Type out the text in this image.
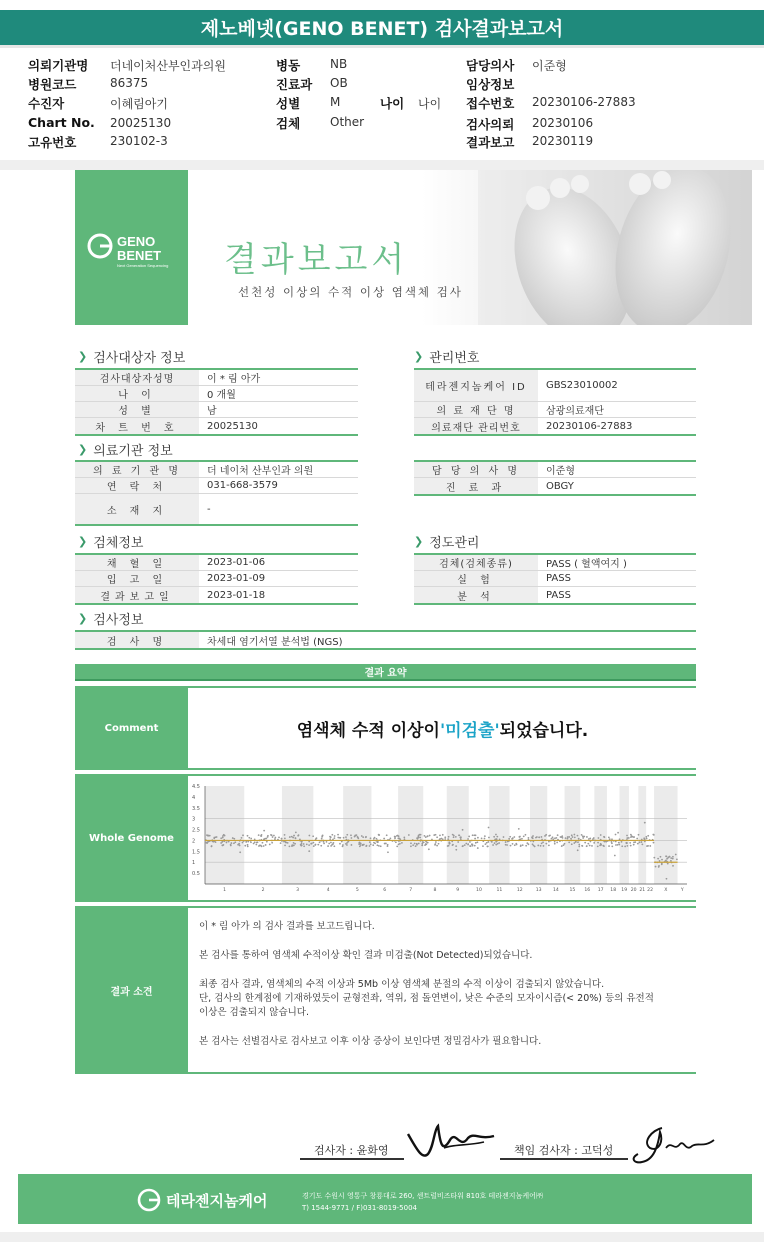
제노베넷(GENO BENET) 검사결과보고서
의뢰기관명 더네이처산부인과의원
병원코드	86375
수진자	이혜림아기
Chart No. 20025130
고유번호	230102-3
병동 NB
진료과 OB
성별 M	나이 나이
검체 Other
담당의사 이준형
임상정보
접수번호 20230106-27883
검사의뢰 20230106
결과보고 20230119
GENO
BENET
Next Generation Sequencing 결과보고서
선천성 이상의 수적 이상 염색체 검사
❯ 검사대상자 정보
검사대상자성명	이 * 림 아가
나 이	0 개월
성 별	남
차 트 번 호	20025130
❯ 관리번호
테라젠지놈케어 ID	GBS23010002
의 료 재 단 명	삼광의료재단
의료재단 관리번호	20230106-27883
❯ 의료기관 정보
의 료 기 관 명	더 네이처 산부인과 의원
연 락 처	031-668-3579
소 재 지	-
담 당 의 사 명	이준형
진 료 과	OBGY
❯ 검체정보
채 혈 일	2023-01-06
입 고 일	2023-01-09
결과보고일	2023-01-18
❯ 정도관리
검체(검체종류)	PASS ( 혈액여지 )
실 험	PASS
분 석	PASS
❯ 검사정보
검 사 명	차세대 염기서열 분석법 (NGS)
결과 요약
Comment	염색체 수적 이상이 '미검출' 되었습니다.
Whole Genome
4.5
4
3.5
3
2.5
2
1.5
1
0.5
1	2	3	4	5	6	7	8	9	10	11	12	13 14 15 16 17 18 19 20 21 22 X	Y
결과 소견

이 * 림 아가 의 검사 결과를 보고드립니다.

본 검사를 통하여 염색체 수적이상 확인 결과 미검출(Not Detected)되었습니다.

최종 검사 결과, 염색체의 수적 이상과 5Mb 이상 염색체 분절의 수적 이상이 검출되지 않았습니다.

단, 검사의 한계점에 기재하였듯이 균형전좌, 역위, 점 돌연변이, 낮은 수준의 모자이시즘(< 20%) 등의 유전적

이상은 검출되지 않습니다.

본 검사는 선별검사로 검사보고 이후 이상 증상이 보인다면 정밀검사가 필요합니다.

검사자 : 윤화영	책임 검사자 : 고덕성
테라젠지놈케어	경기도 수원시 영통구 창룡대로 260, 센트럴비즈타워 810호 테라젠지놈케어㈜
T) 1544-9771 / F)031-8019-5004
